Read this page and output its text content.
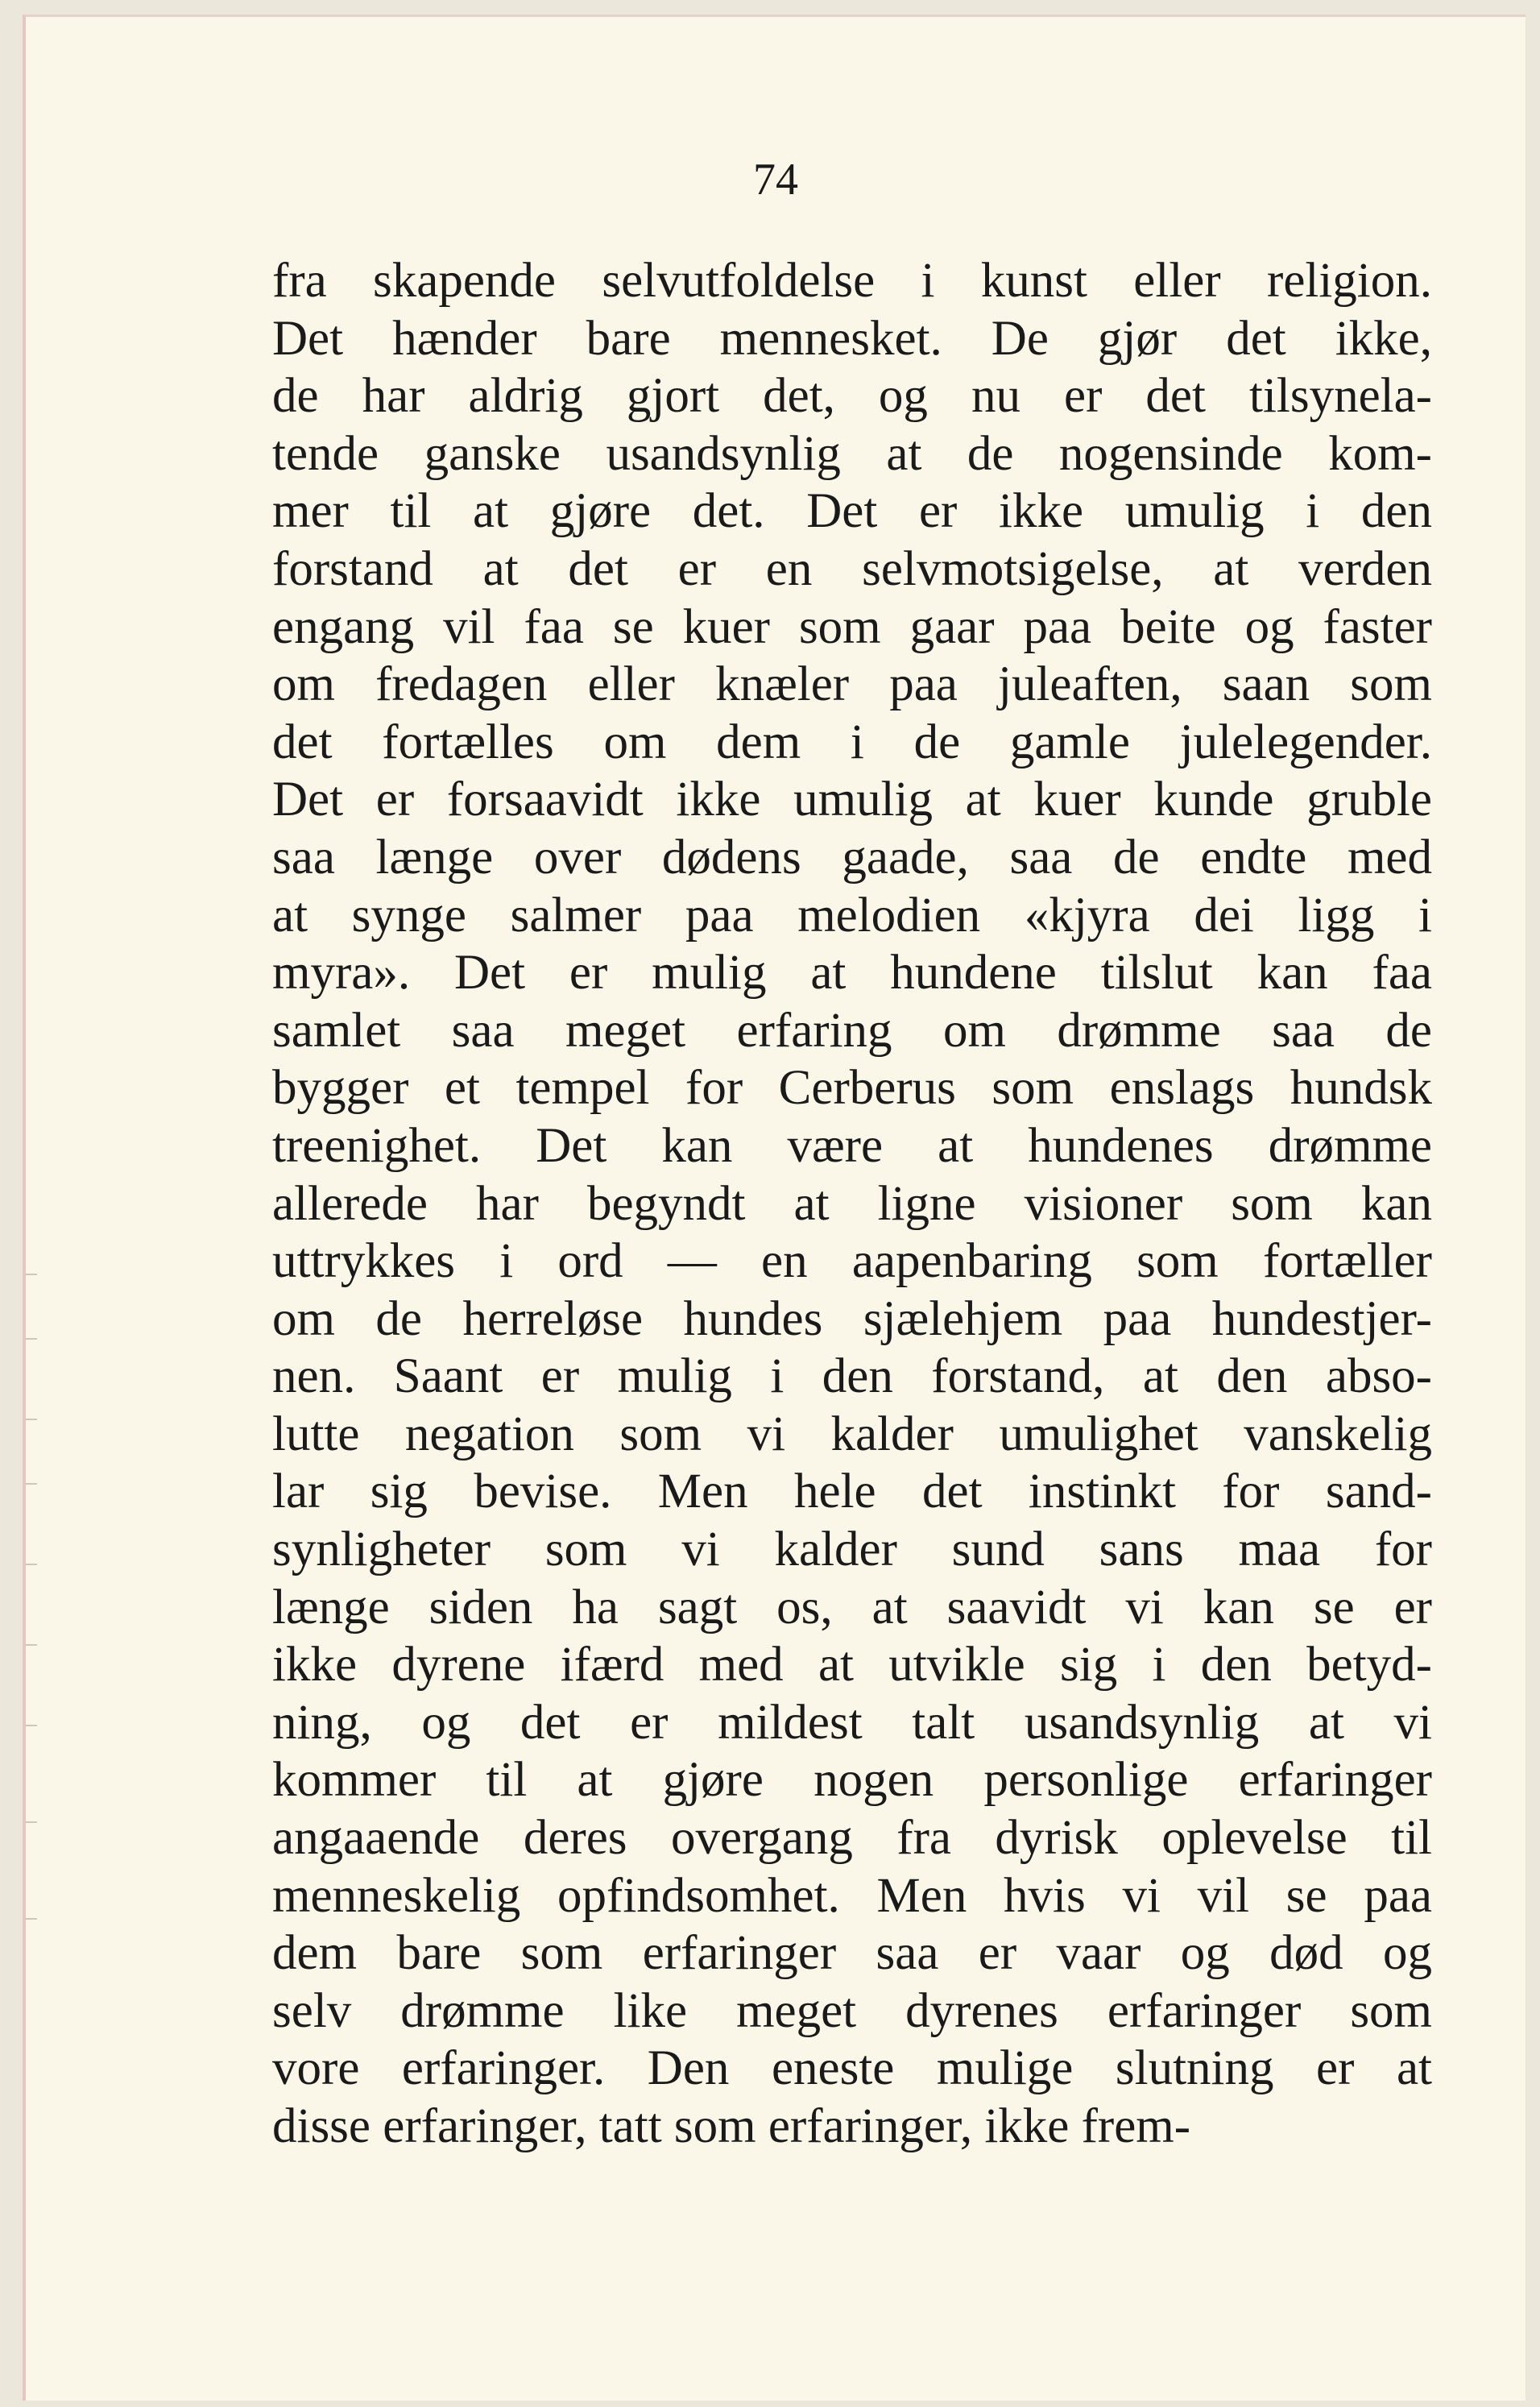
74
fra skapende selvutfoldelse i kunst eller religion.
Det hænder bare mennesket. De gjør det ikke,
de har aldrig gjort det, og nu er det tilsynela-
tende ganske usandsynlig at de nogensinde kom-
mer til at gjøre det. Det er ikke umulig i den
forstand at det er en selvmotsigelse, at verden
engang vil faa se kuer som gaar paa beite og faster
om fredagen eller knæler paa juleaften, saan som
det fortælles om dem i de gamle julelegender.
Det er forsaavidt ikke umulig at kuer kunde gruble
saa længe over dødens gaade, saa de endte med
at synge salmer paa melodien «kjyra dei ligg i
myra». Det er mulig at hundene tilslut kan faa
samlet saa meget erfaring om drømme saa de
bygger et tempel for Cerberus som enslags hundsk
treenighet. Det kan være at hundenes drømme
allerede har begyndt at ligne visioner som kan
uttrykkes i ord — en aapenbaring som fortæller
om de herreløse hundes sjælehjem paa hundestjer-
nen. Saant er mulig i den forstand, at den abso-
lutte negation som vi kalder umulighet vanskelig
lar sig bevise. Men hele det instinkt for sand-
synligheter som vi kalder sund sans maa for
længe siden ha sagt os, at saavidt vi kan se er
ikke dyrene ifærd med at utvikle sig i den betyd-
ning, og det er mildest talt usandsynlig at vi
kommer til at gjøre nogen personlige erfaringer
angaaende deres overgang fra dyrisk oplevelse til
menneskelig opfindsomhet. Men hvis vi vil se paa
dem bare som erfaringer saa er vaar og død og
selv drømme like meget dyrenes erfaringer som
vore erfaringer. Den eneste mulige slutning er at
disse erfaringer, tatt som erfaringer, ikke frem-
